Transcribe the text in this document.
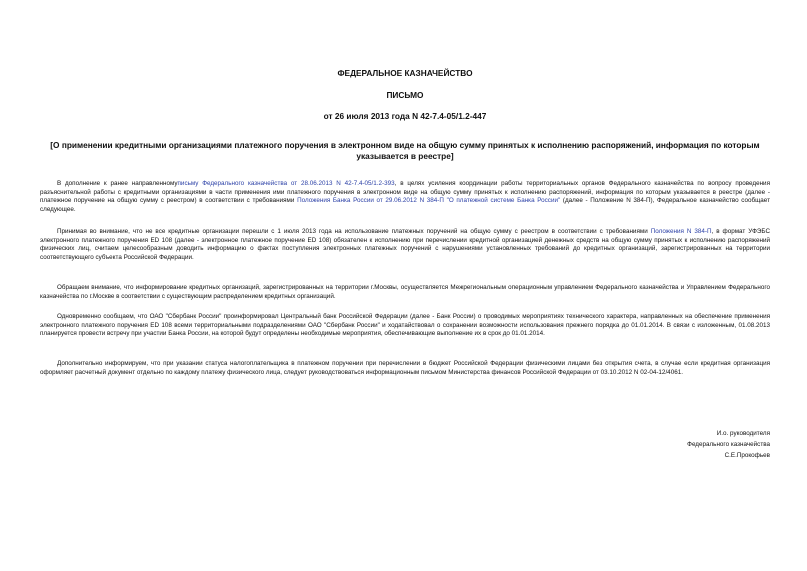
ФЕДЕРАЛЬНОЕ КАЗНАЧЕЙСТВО
ПИСЬМО
от 26 июля 2013 года N 42-7.4-05/1.2-447
[О применении кредитными организациями платежного поручения в электронном виде на общую сумму принятых к исполнению распоряжений, информация по которым указывается в реестре]

В дополнение к ранее направленномуписьму Федерального казначейства от 28.06.2013 N 42-7.4-05/1.2-393, в целях усиления координации работы территориальных органов Федерального казначейства по вопросу проведения разъяснительной работы с кредитными организациями в части применения ими платежного поручения в электронном виде на общую сумму принятых к исполнению распоряжений, информация по которым указывается в реестре (далее - платежное поручение на общую сумму с реестром) в соответствии с требованиями Положения Банка России от 29.06.2012 N 384-П "О платежной системе Банка России" (далее - Положение N 384-П), Федеральное казначейство сообщает следующее.

Принимая во внимание, что не все кредитные организации перешли с 1 июля 2013 года на использование платежных поручений на общую сумму с реестром в соответствии с требованиями Положения N 384-П, в формат УФЭБС электронного платежного поручения ED 108 (далее - электронное платежное поручение ED 108) обязателен к исполнению при перечислении кредитной организацией денежных средств на общую сумму принятых к исполнению распоряжений физических лиц, считаем целесообразным доводить информацию о фактах поступления электронных платежных поручений с нарушениями установленных требований до кредитных организаций, зарегистрированных на территории соответствующего субъекта Российской Федерации.

Обращаем внимание, что информирование кредитных организаций, зарегистрированных на территории г.Москвы, осуществляется Межрегиональным операционным управлением Федерального казначейства и Управлением Федерального казначейства по г.Москве в соответствии с существующим распределением кредитных организаций.

Одновременно сообщаем, что ОАО "Сбербанк России" проинформировал Центральный банк Российской Федерации (далее - Банк России) о проводимых мероприятиях технического характера, направленных на обеспечение применения электронного платежного поручения ED 108 всеми территориальными подразделениями ОАО "Сбербанк России" и ходатайствовал о сохранении возможности использования прежнего порядка до 01.01.2014. В связи с изложенным, 01.08.2013 планируется провести встречу при участии Банка России, на которой будут определены необходимые мероприятия, обеспечивающие выполнение их в срок до 01.01.2014.

Дополнительно информируем, что при указании статуса налогоплательщика в платежном поручении при перечислении в бюджет Российской Федерации физическими лицами без открытия счета, в случае если кредитная организация оформляет расчетный документ отдельно по каждому платежу физического лица, следует руководствоваться информационным письмом Министерства финансов Российской Федерации от 03.10.2012 N 02-04-12/4061.

И.о. руководителя
Федерального казначейства
С.Е.Прокофьев
